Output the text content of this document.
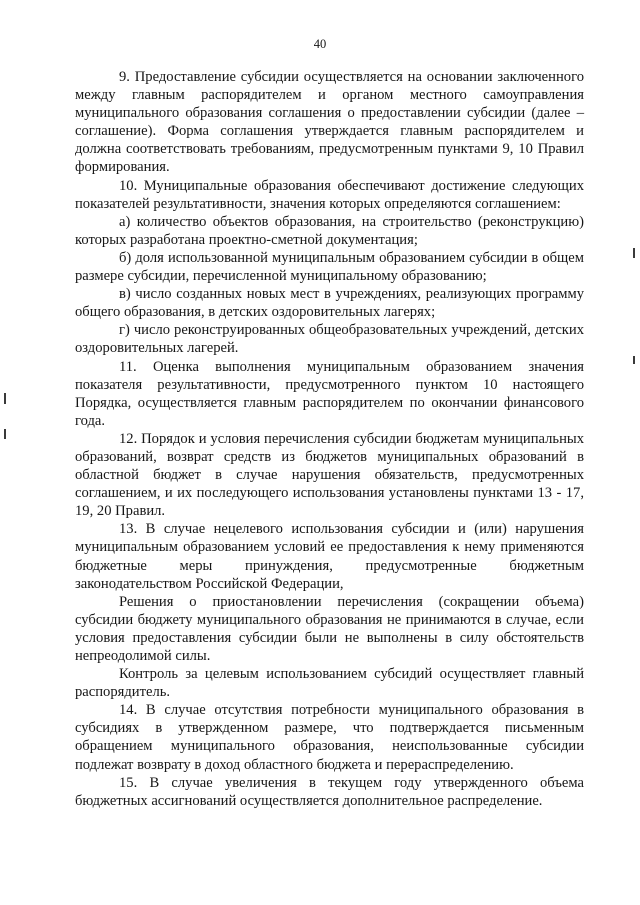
40

9. Предоставление субсидии осуществляется на основании заключенного между главным распорядителем и органом местного самоуправления муниципального образования соглашения о предоставлении субсидии (далее – соглашение). Форма соглашения утверждается главным распорядителем и должна соответствовать требованиям, предусмотренным пунктами 9, 10 Правил формирования.

10. Муниципальные образования обеспечивают достижение следующих показателей результативности, значения которых определяются соглашением:

а) количество объектов образования, на строительство (реконструкцию) которых разработана проектно-сметной документация;

б) доля использованной муниципальным образованием субсидии в общем размере субсидии, перечисленной муниципальному образованию;

в) число созданных новых мест в учреждениях, реализующих программу общего образования, в детских оздоровительных лагерях;

г) число реконструированных общеобразовательных учреждений, детских оздоровительных лагерей.

11. Оценка выполнения муниципальным образованием значения показателя результативности, предусмотренного пунктом 10 настоящего Порядка, осуществляется главным распорядителем по окончании финансового года.

12. Порядок и условия перечисления субсидии бюджетам муниципальных образований, возврат средств из бюджетов муниципальных образований в областной бюджет в случае нарушения обязательств, предусмотренных соглашением, и их последующего использования установлены пунктами 13 - 17, 19, 20 Правил.

13. В случае нецелевого использования субсидии и (или) нарушения муниципальным образованием условий ее предоставления к нему применяются бюджетные меры принуждения, предусмотренные бюджетным законодательством Российской Федерации,

Решения о приостановлении перечисления (сокращении объема) субсидии бюджету муниципального образования не принимаются в случае, если условия предоставления субсидии были не выполнены в силу обстоятельств непреодолимой силы.

Контроль за целевым использованием субсидий осуществляет главный распорядитель.

14. В случае отсутствия потребности муниципального образования в субсидиях в утвержденном размере, что подтверждается письменным обращением муниципального образования, неиспользованные субсидии подлежат возврату в доход областного бюджета и перераспределению.

15. В случае увеличения в текущем году утвержденного объема бюджетных ассигнований осуществляется дополнительное распределение.
